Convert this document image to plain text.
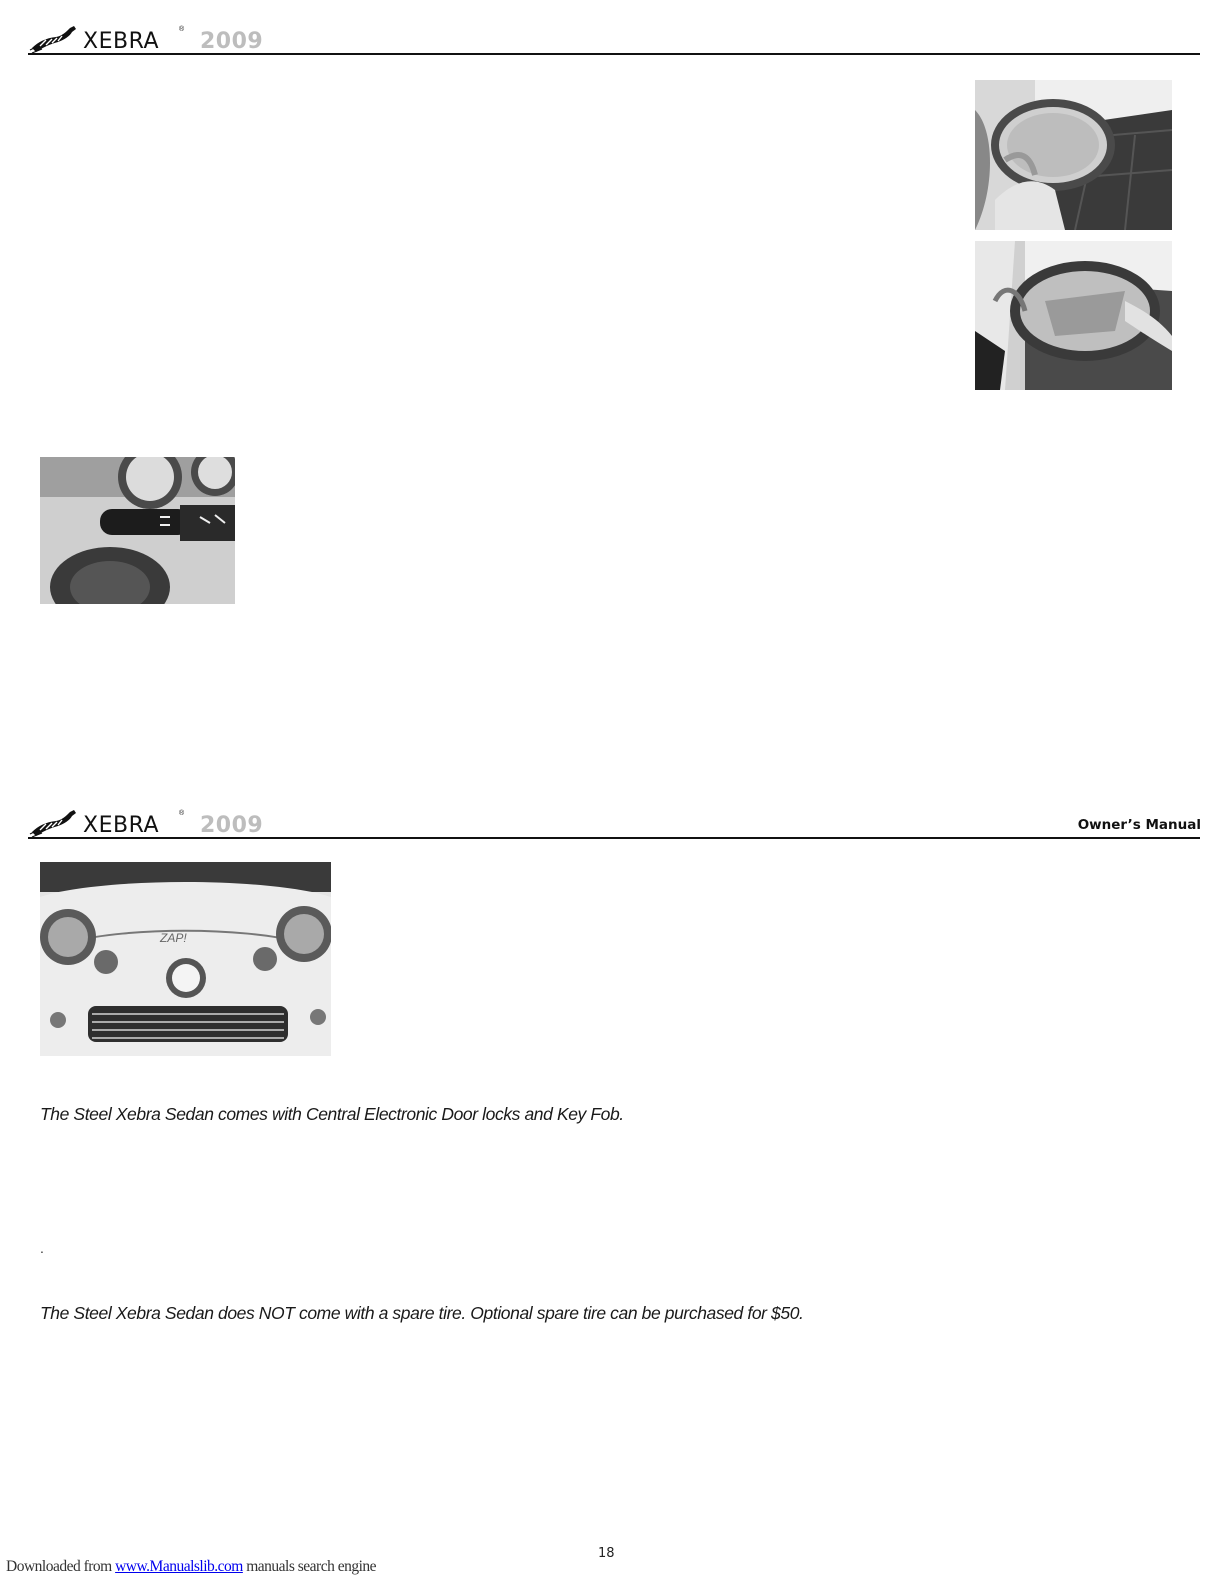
XEBRA	® 2009
XEBRA	® 2009	Owner’s Manual
ZAP!
The Steel Xebra Sedan comes with Central Electronic Door locks and Key Fob.
.
The Steel Xebra Sedan does NOT come with a spare tire. Optional spare tire can be purchased for $50.
18
Downloaded from www.Manualslib.com manuals search engine
